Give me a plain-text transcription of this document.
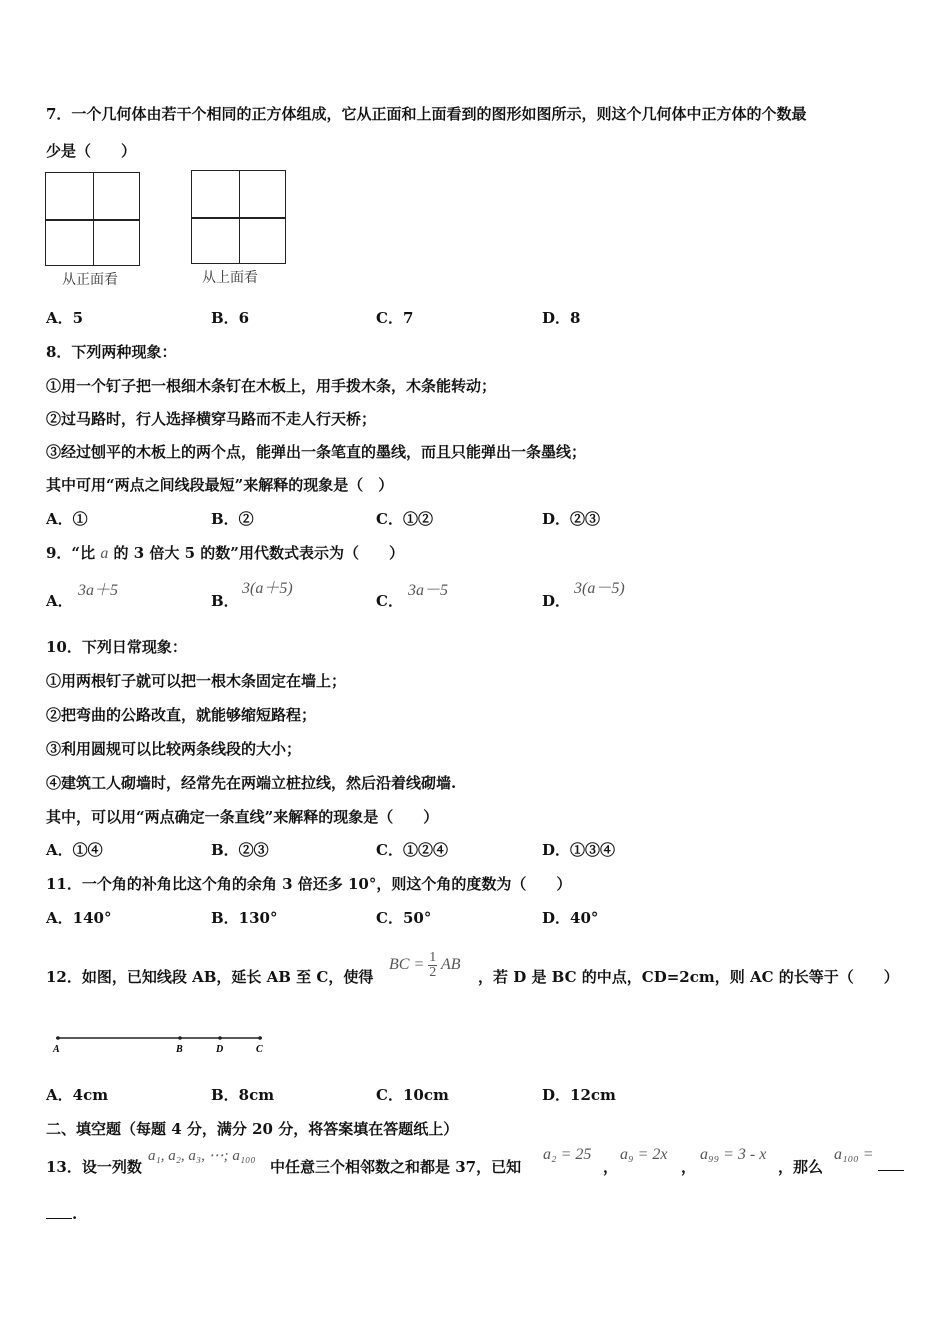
7．一个几何体由若干个相同的正方体组成，它从正面和上面看到的图形如图所示，则这个几何体中正方体的个数最
少是（　　）
从正面看	从上面看
A．5	B．6	C．7	D．8
8．下列两种现象：
①用一个钉子把一根细木条钉在木板上，用手拨木条，木条能转动；
②过马路时，行人选择横穿马路而不走人行天桥；
③经过刨平的木板上的两个点，能弹出一条笔直的墨线，而且只能弹出一条墨线；
其中可用“两点之间线段最短”来解释的现象是（　）
A．①	B．②	C．①②	D．②③
9．“比 a 的 3 倍大 5 的数”用代数式表示为（　　）
A．
3a＋5
B．
3(a＋5)
C．
3a－5
D．
3(a－5)
10．下列日常现象：
①用两根钉子就可以把一根木条固定在墙上；
②把弯曲的公路改直，就能够缩短路程；
③利用圆规可以比较两条线段的大小；
④建筑工人砌墙时，经常先在两端立桩拉线，然后沿着线砌墙.
其中，可以用“两点确定一条直线”来解释的现象是（　　）
A．①④	B．②③	C．①②④	D．①③④
11．一个角的补角比这个角的余角 3 倍还多 10°，则这个角的度数为（　　）
A．140°	B．130°	C．50°	D．40°
12．如图，已知线段 AB，延长 AB 至 C，使得
BC = $\frac{1}{2}$ AB
，若 D 是 BC 的中点，CD=2cm，则 AC 的长等于（　　）
A	B	D	C
A．4cm	B．8cm	C．10cm	D．12cm
二、填空题（每题 4 分，满分 20 分，将答案填在答题纸上）
13．设一列数
a₁, a₂, a₃, ⋯; a₁₀₀
中任意三个相邻数之和都是 37，已知
a₂ = 25
，
a₉ = 2x
，
a₉₉ = 3 - x
，那么
a₁₀₀ =
.
